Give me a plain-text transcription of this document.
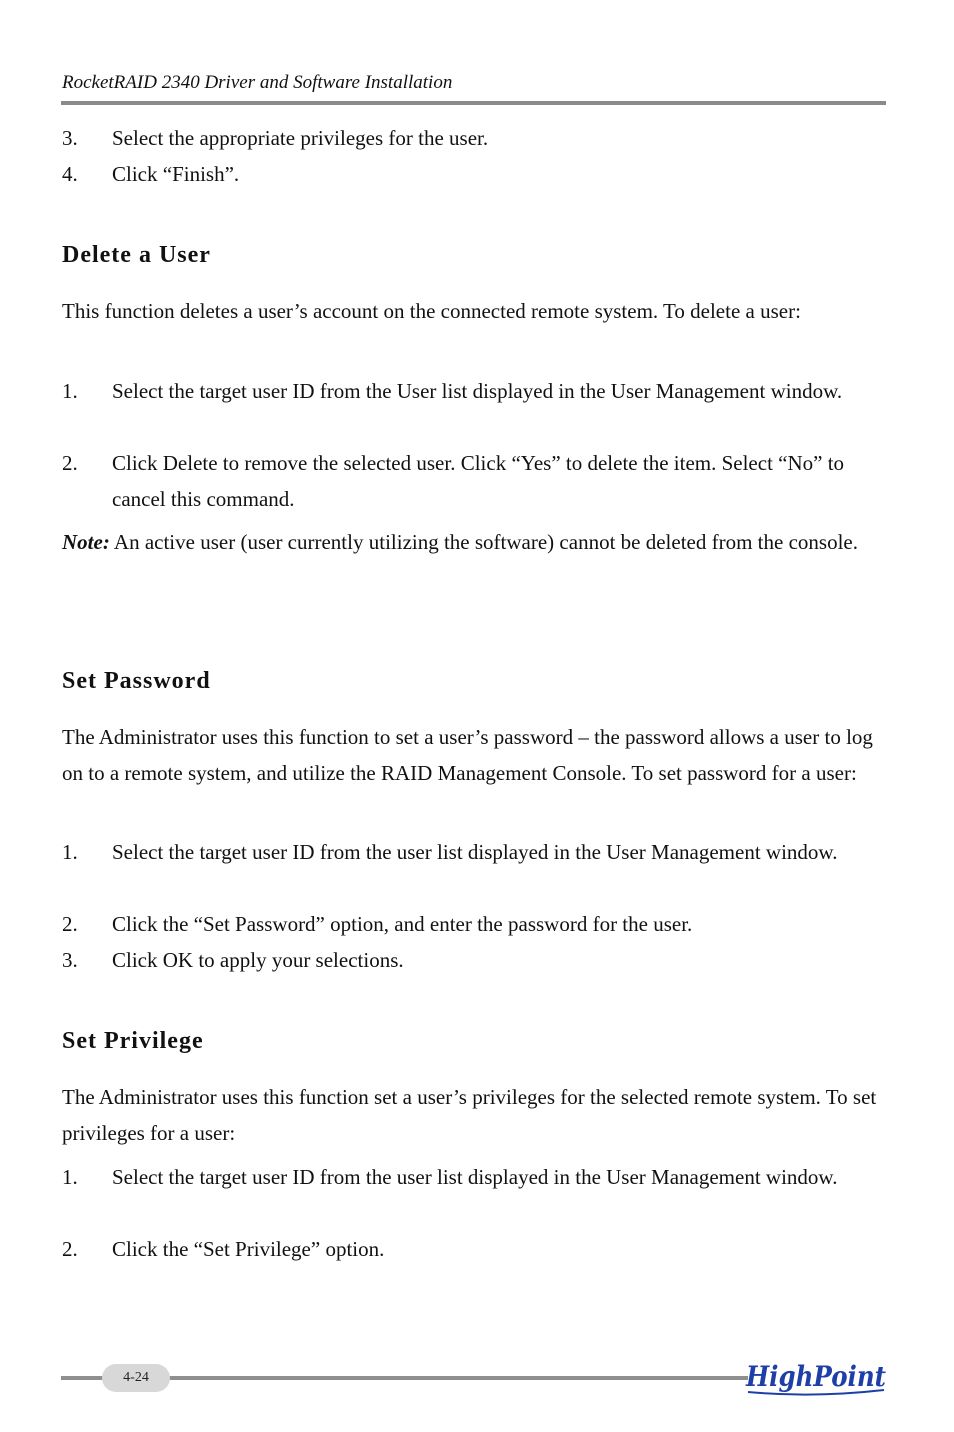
RocketRAID 2340 Driver and Software Installation
3.	Select the appropriate privileges for the user.
4.	Click “Finish”.
Delete a User
This function deletes a user’s account on the connected remote system. To delete a user:
1.	Select the target user ID from the User list displayed in the User Management window.
2.	Click Delete to remove the selected user. Click “Yes” to delete the item. Select “No” to cancel this command.
Note: An active user (user currently utilizing the software) cannot be deleted from the console.
Set Password
The Administrator uses this function to set a user’s password – the password allows a user to log on to a remote system, and utilize the RAID Management Console. To set password for a user:
1.	Select the target user ID from the user list displayed in the User Management window.
2.	Click the “Set Password” option, and enter the password for the user.
3.	Click OK to apply your selections.
Set Privilege
The Administrator uses this function set a user’s privileges for the selected remote system. To set privileges for a user:
1.	Select the target user ID from the user list displayed in the User Management window.
2.	Click the “Set Privilege” option.
4-24	HighPoint
